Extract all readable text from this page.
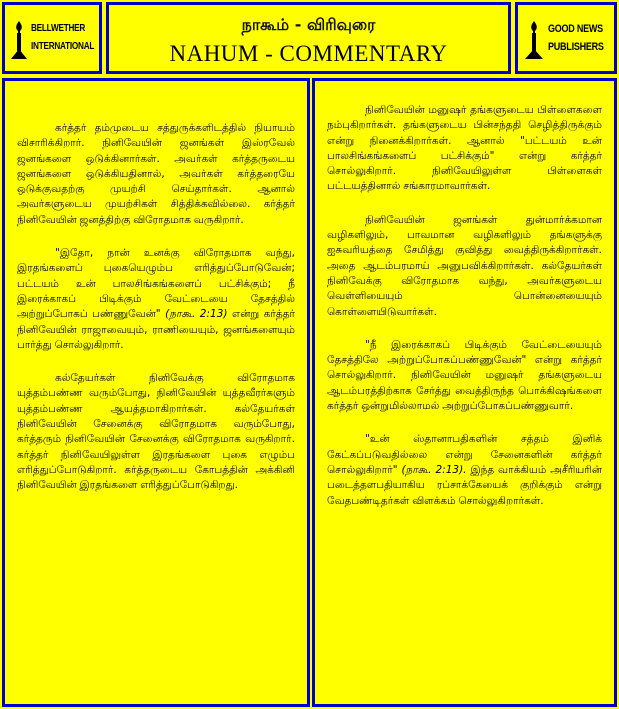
BELLWETHER
INTERNATIONAL
நாகூம் - விரிவுரை
NAHUM - COMMENTARY
GOOD NEWS
PUBLISHERS

கர்த்தர் தம்முடைய சத்துருக்களிடத்தில் நியாயம் விசாரிக்கிறார். நினிவேயின் ஜனங்கள் இஸ்ரவேல் ஜனங்களை ஒடுக்கினார்கள். அவர்கள் கர்த்தருடைய ஜனங்களை ஒடுக்கியதினால், அவர்கள் கர்த்தரையே ஒடுக்குவதற்கு முயற்சி செய்தார்கள். ஆனால் அவர்களுடைய முயற்சிகள் சித்திக்கவில்லை. கர்த்தர் நினிவேயின் ஜனத்திற்கு விரோதமாக வருகிறார்.

"இதோ, நான் உனக்கு விரோதமாக வந்து, இரதங்களைப் புகையெழும்ப எரித்துப்போடுவேன்; பட்டயம் உன் பாலசிங்கங்களைப் பட்சிக்கும்; நீ இரைக்காகப் பிடிக்கும் வேட்டையை தேசத்தில் அற்றுப்போகப் பண்ணுவேன்" (நாகூ. 2:13) என்று கர்த்தர் நினிவேயின் ராஜாவையும், ராணியையும், ஜனங்களையும் பார்த்து சொல்லுகிறார்.

கல்தேயர்கள் நினிவேக்கு விரோதமாக யுத்தம்பண்ண வரும்போது, நினிவேயின் யுத்தவீரர்களும் யுத்தம்பண்ண ஆயத்தமாகிறார்கள். கல்தேயர்கள் நினிவேயின் சேனைக்கு விரோதமாக வரும்போது, கர்த்தரும் நினிவேயின் சேனைக்கு விரோதமாக வருகிறார். கர்த்தர் நினிவேயிலுள்ள இரதங்களை புகை எழும்ப எரித்துப்போடுகிறார். கர்த்தருடைய கோபத்தின் அக்கினி நினிவேயின் இரதங்களை எரித்துப்போடுகிறது.

நினிவேயின் மனுஷர் தங்களுடைய பிள்ளைகளை நம்புகிறார்கள். தங்களுடைய பின்சந்ததி செழித்திருக்கும் என்று நினைக்கிறார்கள். ஆனால் "பட்டயம் உன் பாலசிங்கங்களைப் பட்சிக்கும்" என்று கர்த்தர் சொல்லுகிறார். நினிவேயிலுள்ள பிள்ளைகள் பட்டயத்தினால் சங்காரமாவார்கள்.

நினிவேயின் ஜனங்கள் துன்மார்க்கமான வழிகளிலும், பாவமான வழிகளிலும் தங்களுக்கு ஐசுவரியத்தை சேமித்து குவித்து வைத்திருக்கிறார்கள். அதை ஆடம்பரமாய் அனுபவிக்கிறார்கள். கல்தேயர்கள் நினிவேக்கு விரோதமாக வந்து, அவர்களுடைய வெள்ளியையும் பொன்னையையும் கொள்ளையிடுவார்கள்.

"நீ இரைக்காகப் பிடிக்கும் வேட்டையையும் தேசத்திலே அற்றுப்போகப்பண்ணுவேன்" என்று கர்த்தர் சொல்லுகிறார். நினிவேயின் மனுஷர் தங்களுடைய ஆடம்பரத்திற்காக சேர்த்து வைத்திருந்த பொக்கிஷங்களை கர்த்தர் ஒன்றுமில்லாமல் அற்றுப்போகப்பண்ணுவார்.

"உன் ஸ்தானாபதிகளின் சத்தம் இனிக் கேட்கப்படுவதில்லை என்று சேனைகளின் கர்த்தர் சொல்லுகிறார்" (நாகூ. 2:13). இந்த வாக்கியம் அசீரியரின் படைத்தளபதியாகிய ரப்சாக்கேயைக் குறிக்கும் என்று வேதபண்டிதர்கள் விளக்கம் சொல்லுகிறார்கள்.
